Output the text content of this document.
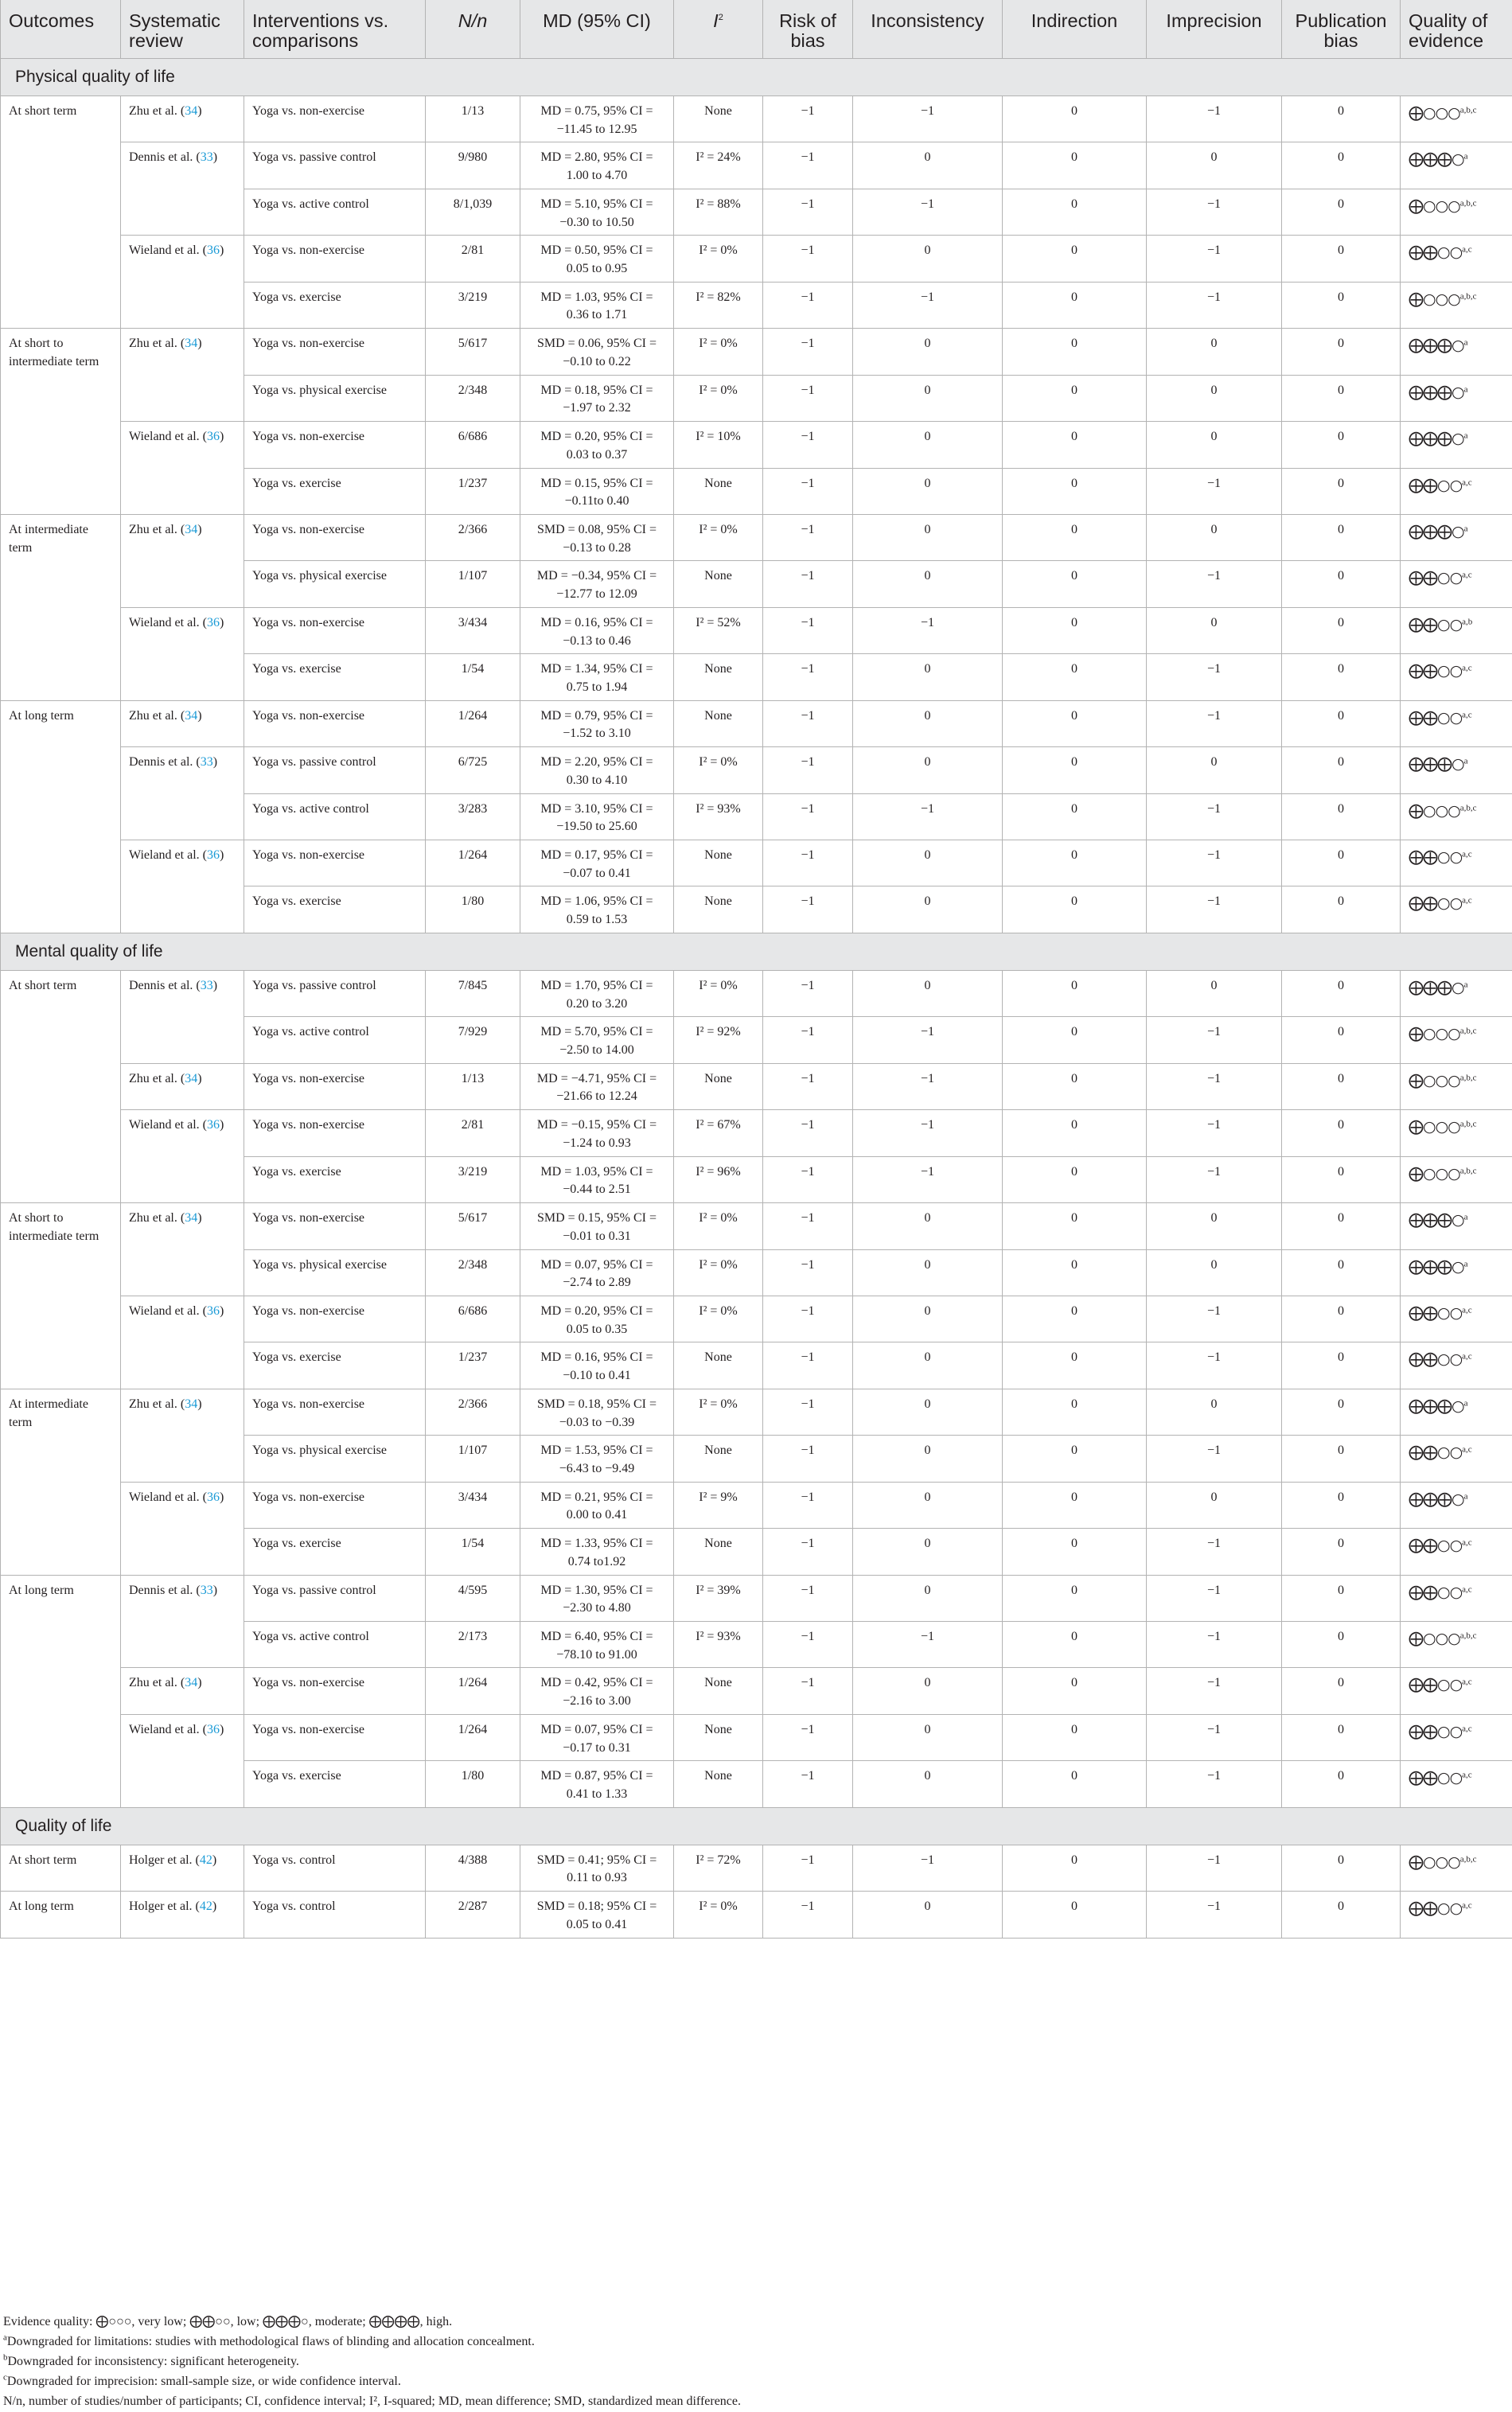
Outcomes	Systematic review	Interventions vs. comparisons	N/n	MD (95% CI)	$I^2$	Risk of bias	Inconsistency	Indirection	Imprecision	Publication bias	Quality of evidence
Physical quality of life											
At short term	Zhu et al. (34)	Yoga vs. non-exercise	1/13	MD = 0.75, 95% CI = −11.45 to 12.95	None	−1	−1	0	−1	0	⨁○○○$^{a,b,c}$
	Dennis et al. (33)	Yoga vs. passive control	9/980	MD = 2.80, 95% CI = 1.00 to 4.70	I² = 24%	−1	0	0	0	0	⨁⨁⨁○$^a$
		Yoga vs. active control	8/1,039	MD = 5.10, 95% CI = −0.30 to 10.50	I² = 88%	−1	−1	0	−1	0	⨁○○○$^{a,b,c}$
	Wieland et al. (36)	Yoga vs. non-exercise	2/81	MD = 0.50, 95% CI = 0.05 to 0.95	I² = 0%	−1	0	0	−1	0	⨁⨁○○$^{a,c}$
		Yoga vs. exercise	3/219	MD = 1.03, 95% CI = 0.36 to 1.71	I² = 82%	−1	−1	0	−1	0	⨁○○○$^{a,b,c}$
At short to intermediate term	Zhu et al. (34)	Yoga vs. non-exercise	5/617	SMD = 0.06, 95% CI = −0.10 to 0.22	I² = 0%	−1	0	0	0	0	⨁⨁⨁○$^a$
		Yoga vs. physical exercise	2/348	MD = 0.18, 95% CI = −1.97 to 2.32	I² = 0%	−1	0	0	0	0	⨁⨁⨁○$^a$
	Wieland et al. (36)	Yoga vs. non-exercise	6/686	MD = 0.20, 95% CI = 0.03 to 0.37	I² = 10%	−1	0	0	0	0	⨁⨁⨁○$^a$
		Yoga vs. exercise	1/237	MD = 0.15, 95% CI = −0.11to 0.40	None	−1	0	0	−1	0	⨁⨁○○$^{a,c}$
At intermediate term	Zhu et al. (34)	Yoga vs. non-exercise	2/366	SMD = 0.08, 95% CI = −0.13 to 0.28	I² = 0%	−1	0	0	0	0	⨁⨁⨁○$^a$
		Yoga vs. physical exercise	1/107	MD = −0.34, 95% CI = −12.77 to 12.09	None	−1	0	0	−1	0	⨁⨁○○$^{a,c}$
	Wieland et al. (36)	Yoga vs. non-exercise	3/434	MD = 0.16, 95% CI = −0.13 to 0.46	I² = 52%	−1	−1	0	0	0	⨁⨁○○$^{a,b}$
		Yoga vs. exercise	1/54	MD = 1.34, 95% CI = 0.75 to 1.94	None	−1	0	0	−1	0	⨁⨁○○$^{a,c}$
At long term	Zhu et al. (34)	Yoga vs. non-exercise	1/264	MD = 0.79, 95% CI = −1.52 to 3.10	None	−1	0	0	−1	0	⨁⨁○○$^{a,c}$
	Dennis et al. (33)	Yoga vs. passive control	6/725	MD = 2.20, 95% CI = 0.30 to 4.10	I² = 0%	−1	0	0	0	0	⨁⨁⨁○$^a$
		Yoga vs. active control	3/283	MD = 3.10, 95% CI = −19.50 to 25.60	I² = 93%	−1	−1	0	−1	0	⨁○○○$^{a,b,c}$
	Wieland et al. (36)	Yoga vs. non-exercise	1/264	MD = 0.17, 95% CI = −0.07 to 0.41	None	−1	0	0	−1	0	⨁⨁○○$^{a,c}$
		Yoga vs. exercise	1/80	MD = 1.06, 95% CI = 0.59 to 1.53	None	−1	0	0	−1	0	⨁⨁○○$^{a,c}$
Mental quality of life											
At short term	Dennis et al. (33)	Yoga vs. passive control	7/845	MD = 1.70, 95% CI = 0.20 to 3.20	I² = 0%	−1	0	0	0	0	⨁⨁⨁○$^a$
		Yoga vs. active control	7/929	MD = 5.70, 95% CI = −2.50 to 14.00	I² = 92%	−1	−1	0	−1	0	⨁○○○$^{a,b,c}$
	Zhu et al. (34)	Yoga vs. non-exercise	1/13	MD = −4.71, 95% CI = −21.66 to 12.24	None	−1	−1	0	−1	0	⨁○○○$^{a,b,c}$
	Wieland et al. (36)	Yoga vs. non-exercise	2/81	MD = −0.15, 95% CI = −1.24 to 0.93	I² = 67%	−1	−1	0	−1	0	⨁○○○$^{a,b,c}$
		Yoga vs. exercise	3/219	MD = 1.03, 95% CI = −0.44 to 2.51	I² = 96%	−1	−1	0	−1	0	⨁○○○$^{a,b,c}$
At short to intermediate term	Zhu et al. (34)	Yoga vs. non-exercise	5/617	SMD = 0.15, 95% CI = −0.01 to 0.31	I² = 0%	−1	0	0	0	0	⨁⨁⨁○$^a$
		Yoga vs. physical exercise	2/348	MD = 0.07, 95% CI = −2.74 to 2.89	I² = 0%	−1	0	0	0	0	⨁⨁⨁○$^a$
	Wieland et al. (36)	Yoga vs. non-exercise	6/686	MD = 0.20, 95% CI = 0.05 to 0.35	I² = 0%	−1	0	0	−1	0	⨁⨁○○$^{a,c}$
		Yoga vs. exercise	1/237	MD = 0.16, 95% CI = −0.10 to 0.41	None	−1	0	0	−1	0	⨁⨁○○$^{a,c}$
At intermediate term	Zhu et al. (34)	Yoga vs. non-exercise	2/366	SMD = 0.18, 95% CI = −0.03 to −0.39	I² = 0%	−1	0	0	0	0	⨁⨁⨁○$^a$
		Yoga vs. physical exercise	1/107	MD = 1.53, 95% CI = −6.43 to −9.49	None	−1	0	0	−1	0	⨁⨁○○$^{a,c}$
	Wieland et al. (36)	Yoga vs. non-exercise	3/434	MD = 0.21, 95% CI = 0.00 to 0.41	I² = 9%	−1	0	0	0	0	⨁⨁⨁○$^a$
		Yoga vs. exercise	1/54	MD = 1.33, 95% CI = 0.74 to1.92	None	−1	0	0	−1	0	⨁⨁○○$^{a,c}$
At long term	Dennis et al. (33)	Yoga vs. passive control	4/595	MD = 1.30, 95% CI = −2.30 to 4.80	I² = 39%	−1	0	0	−1	0	⨁⨁○○$^{a,c}$
		Yoga vs. active control	2/173	MD = 6.40, 95% CI = −78.10 to 91.00	I² = 93%	−1	−1	0	−1	0	⨁○○○$^{a,b,c}$
	Zhu et al. (34)	Yoga vs. non-exercise	1/264	MD = 0.42, 95% CI = −2.16 to 3.00	None	−1	0	0	−1	0	⨁⨁○○$^{a,c}$
	Wieland et al. (36)	Yoga vs. non-exercise	1/264	MD = 0.07, 95% CI = −0.17 to 0.31	None	−1	0	0	−1	0	⨁⨁○○$^{a,c}$
		Yoga vs. exercise	1/80	MD = 0.87, 95% CI = 0.41 to 1.33	None	−1	0	0	−1	0	⨁⨁○○$^{a,c}$
Quality of life											
At short term	Holger et al. (42)	Yoga vs. control	4/388	SMD = 0.41; 95% CI = 0.11 to 0.93	I² = 72%	−1	−1	0	−1	0	⨁○○○$^{a,b,c}$
At long term	Holger et al. (42)	Yoga vs. control	2/287	SMD = 0.18; 95% CI = 0.05 to 0.41	I² = 0%	−1	0	0	−1	0	⨁⨁○○$^{a,c}$
Evidence quality: ⨁○○○, very low; ⨁⨁○○, low; ⨁⨁⨁○, moderate; ⨁⨁⨁⨁, high.
$^a$Downgraded for limitations: studies with methodological flaws of blinding and allocation concealment.
$^b$Downgraded for inconsistency: significant heterogeneity.
$^c$Downgraded for imprecision: small-sample size, or wide confidence interval.
N/n, number of studies/number of participants; CI, confidence interval; I², I-squared; MD, mean difference; SMD, standardized mean difference.
